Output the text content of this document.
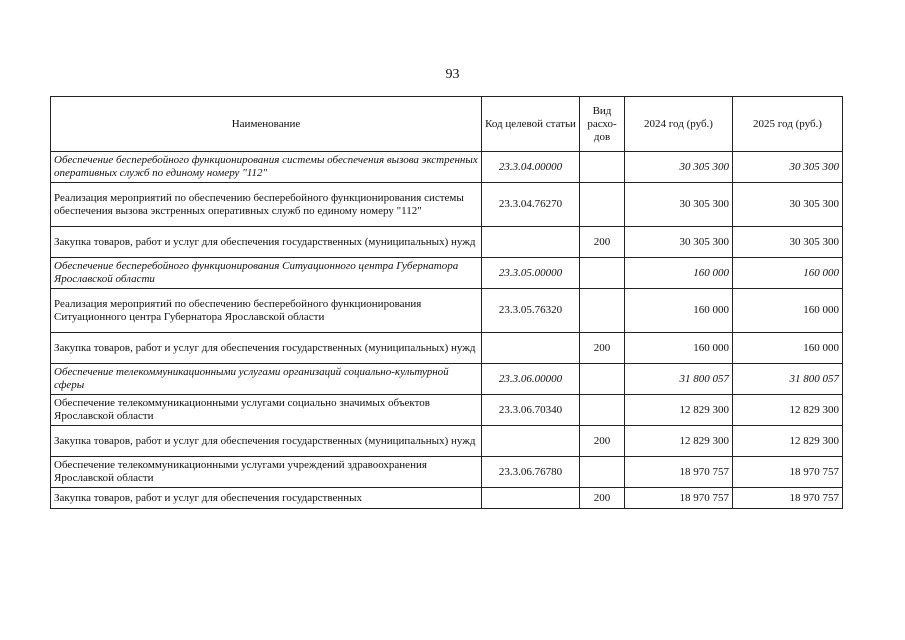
93
Наименование	Код целевой статьи	Вид расхо-дов	2024 год (руб.)	2025 год (руб.)
Обеспечение бесперебойного функционирования системы обеспечения вызова экстренных оперативных служб по единому номеру "112"	23.3.04.00000		30 305 300	30 305 300
Реализация мероприятий по обеспечению бесперебойного функционирования системы обеспечения вызова экстренных оперативных служб по единому номеру "112"	23.3.04.76270		30 305 300	30 305 300
Закупка товаров, работ и услуг для обеспечения государственных (муниципальных) нужд		200	30 305 300	30 305 300
Обеспечение бесперебойного функционирования Ситуационного центра Губернатора Ярославской области	23.3.05.00000		160 000	160 000
Реализация мероприятий по обеспечению бесперебойного функционирования Ситуационного центра Губернатора Ярославской области	23.3.05.76320		160 000	160 000
Закупка товаров, работ и услуг для обеспечения государственных (муниципальных) нужд		200	160 000	160 000
Обеспечение телекоммуникационными услугами организаций социально-культурной сферы	23.3.06.00000		31 800 057	31 800 057
Обеспечение телекоммуникационными услугами социально значимых объектов Ярославской области	23.3.06.70340		12 829 300	12 829 300
Закупка товаров, работ и услуг для обеспечения государственных (муниципальных) нужд		200	12 829 300	12 829 300
Обеспечение телекоммуникационными услугами учреждений здравоохранения Ярославской области	23.3.06.76780		18 970 757	18 970 757
Закупка товаров, работ и услуг для обеспечения государственных		200	18 970 757	18 970 757
